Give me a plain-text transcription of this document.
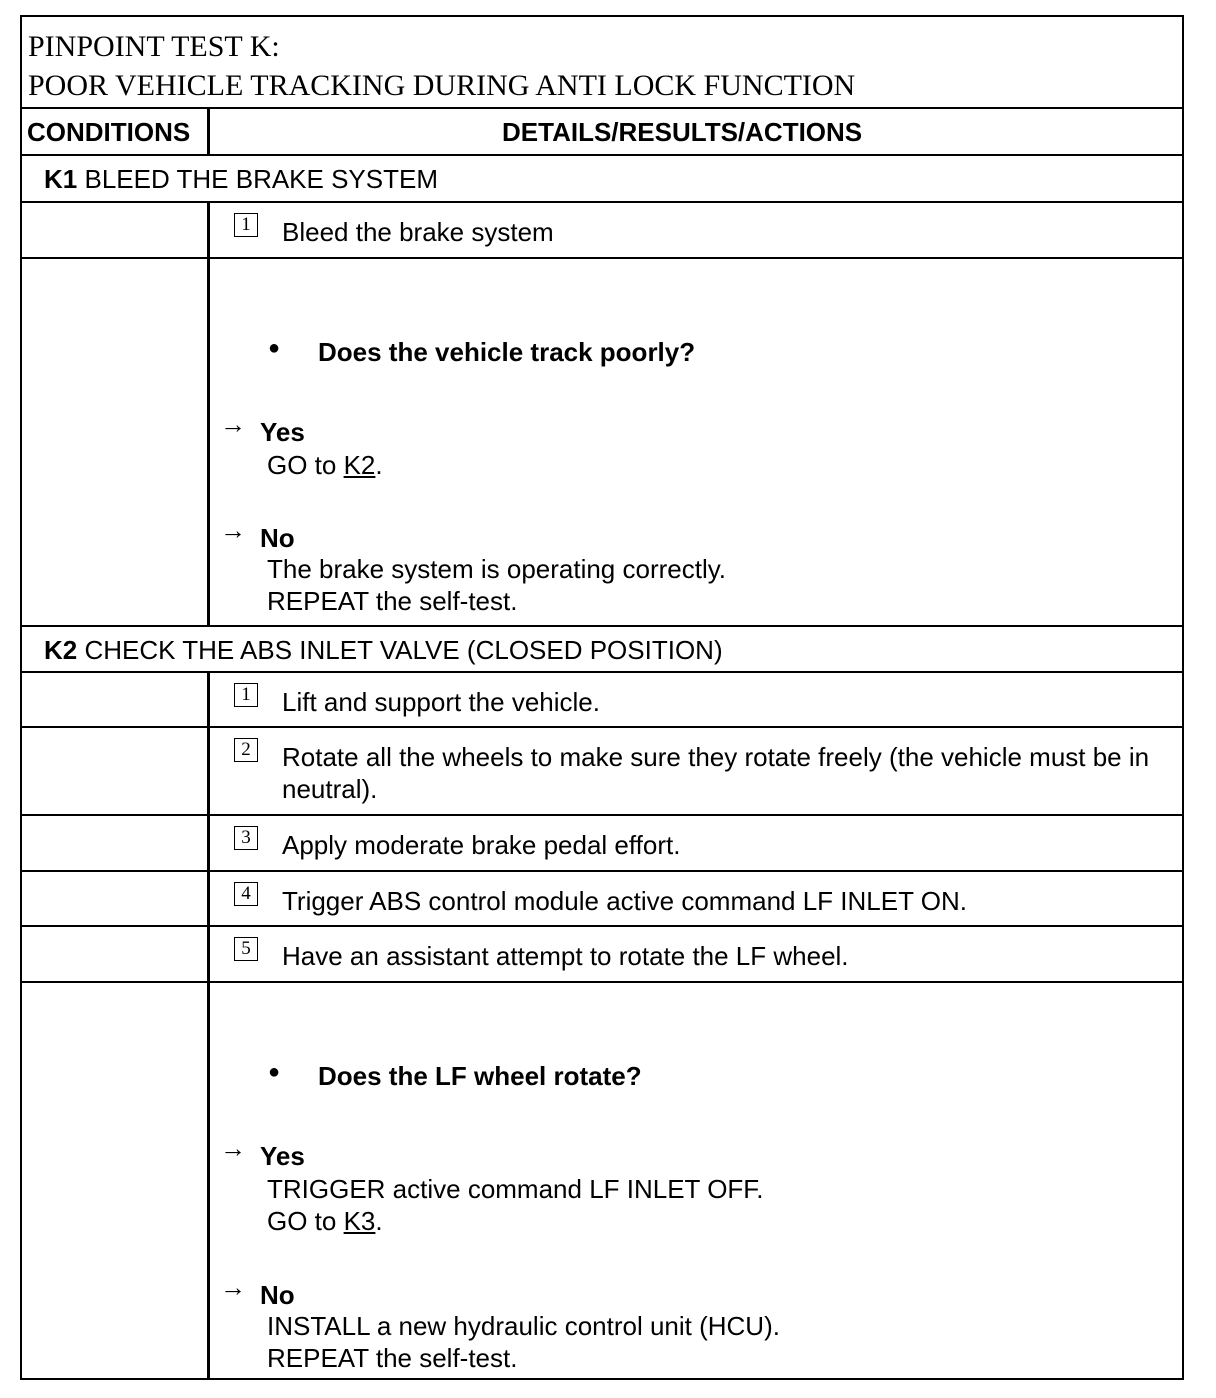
PINPOINT TEST K:
POOR VEHICLE TRACKING DURING ANTI LOCK FUNCTION
CONDITIONS	DETAILS/RESULTS/ACTIONS
K1 BLEED THE BRAKE SYSTEM
1 Bleed the brake system
● Does the vehicle track poorly?
→ Yes
GO to K2.
→ No
The brake system is operating correctly.
REPEAT the self-test.
K2 CHECK THE ABS INLET VALVE (CLOSED POSITION)
1 Lift and support the vehicle.
2 Rotate all the wheels to make sure they rotate freely (the vehicle must be in neutral).
3 Apply moderate brake pedal effort.
4 Trigger ABS control module active command LF INLET ON.
5 Have an assistant attempt to rotate the LF wheel.
● Does the LF wheel rotate?
→ Yes
TRIGGER active command LF INLET OFF.
GO to K3.
→ No
INSTALL a new hydraulic control unit (HCU).
REPEAT the self-test.
